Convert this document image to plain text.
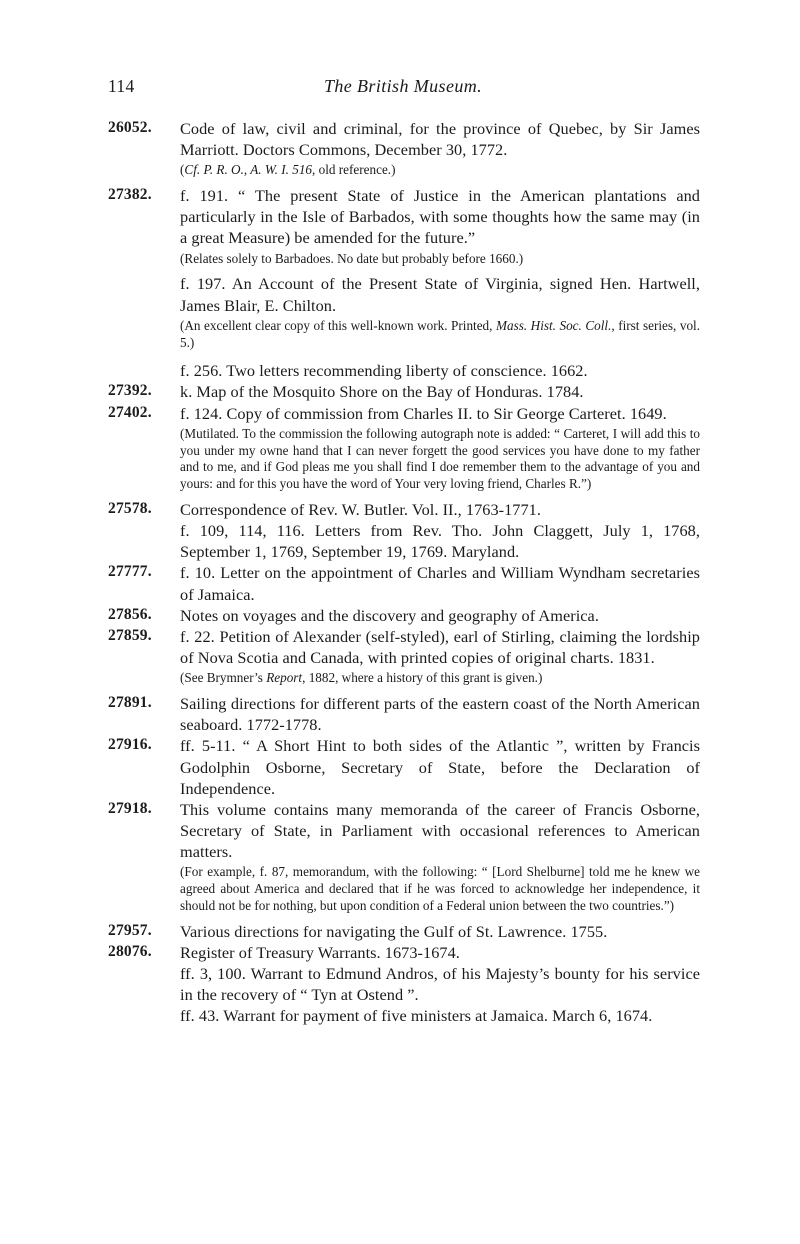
114	The British Museum.
26052.	Code of law, civil and criminal, for the province of Quebec, by Sir James Marriott. Doctors Commons, December 30, 1772.

(Cf. P. R. O., A. W. I. 516, old reference.)

27382.	f. 191. “ The present State of Justice in the American plantations and particularly in the Isle of Barbados, with some thoughts how the same may (in a great Measure) be amended for the future.”

(Relates solely to Barbadoes. No date but probably before 1660.)

f. 197. An Account of the Present State of Virginia, signed Hen. Hartwell, James Blair, E. Chilton.

(An excellent clear copy of this well-known work. Printed, Mass. Hist. Soc. Coll., first series, vol. 5.)

f. 256. Two letters recommending liberty of conscience. 1662.

27392.	k. Map of the Mosquito Shore on the Bay of Honduras. 1784.

27402.	f. 124. Copy of commission from Charles II. to Sir George Carteret. 1649.

(Mutilated. To the commission the following autograph note is added: “ Carteret, I will add this to you under my owne hand that I can never forgett the good services you have done to my father and to me, and if God pleas me you shall find I doe remember them to the advantage of you and yours: and for this you have the word of Your very loving friend, Charles R.”)

27578.	Correspondence of Rev. W. Butler. Vol. II., 1763-1771.

f. 109, 114, 116. Letters from Rev. Tho. John Claggett, July 1, 1768, September 1, 1769, September 19, 1769. Maryland.

27777.	f. 10. Letter on the appointment of Charles and William Wyndham secretaries of Jamaica.

27856.	Notes on voyages and the discovery and geography of America.

27859.	f. 22. Petition of Alexander (self-styled), earl of Stirling, claiming the lordship of Nova Scotia and Canada, with printed copies of original charts. 1831.

(See Brymner’s Report, 1882, where a history of this grant is given.)

27891.	Sailing directions for different parts of the eastern coast of the North American seaboard. 1772-1778.

27916.	ff. 5-11. “ A Short Hint to both sides of the Atlantic ”, written by Francis Godolphin Osborne, Secretary of State, before the Declaration of Independence.

27918.	This volume contains many memoranda of the career of Francis Osborne, Secretary of State, in Parliament with occasional references to American matters.

(For example, f. 87, memorandum, with the following: “ [Lord Shelburne] told me he knew we agreed about America and declared that if he was forced to acknowledge her independence, it should not be for nothing, but upon condition of a Federal union between the two countries.”)

27957.	Various directions for navigating the Gulf of St. Lawrence. 1755.

28076.	Register of Treasury Warrants. 1673-1674.

ff. 3, 100. Warrant to Edmund Andros, of his Majesty’s bounty for his service in the recovery of “ Tyn at Ostend ”.

ff. 43. Warrant for payment of five ministers at Jamaica. March 6, 1674.
